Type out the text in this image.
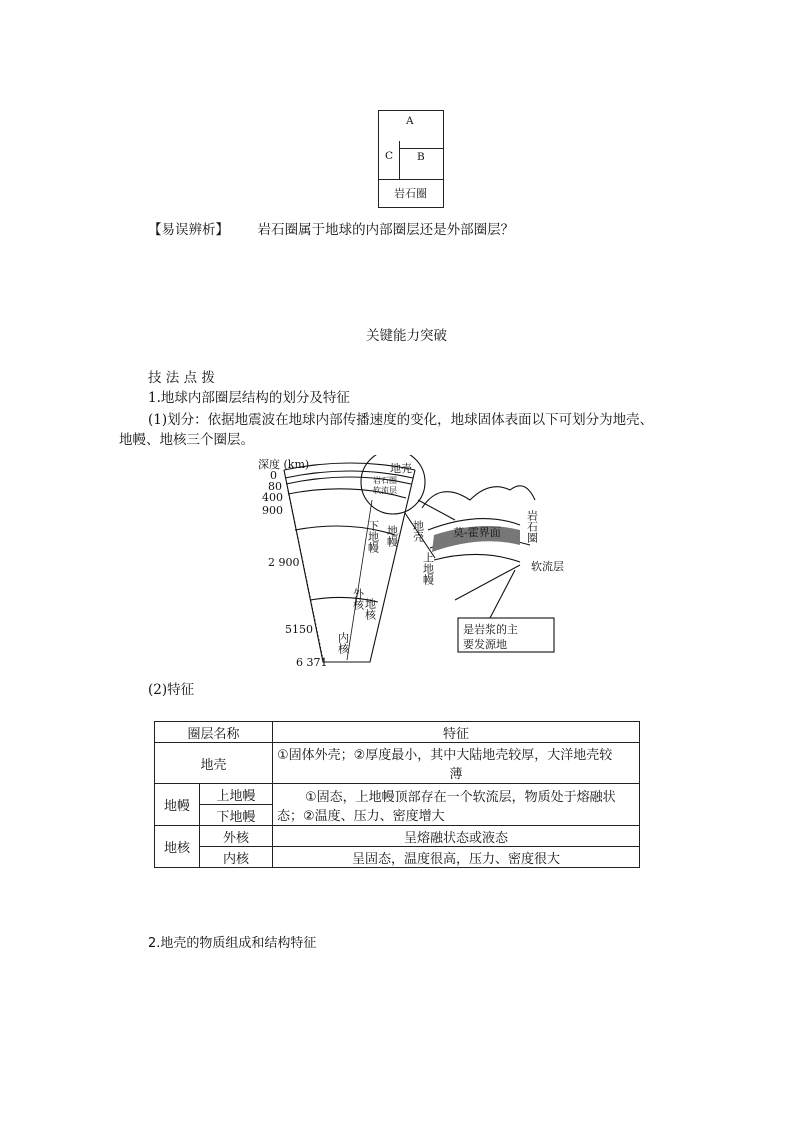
A
C B
岩石圈
【易误辨析】 岩石圈属于地球的内部圈层还是外部圈层？
关键能力突破
技 法 点 拨
1.地球内部圈层结构的划分及特征
(1)划分：依据地震波在地球内部传播速度的变化，地球固体表面以下可划分为地壳、
地幔、地核三个圈层。
深度 (km)
0
80
400
900
2 900
5150
6 371
地壳
岩石圈
软流层
下地幔 地幔
外核 地核
内核
莫-霍界面
地壳
上地幔
岩石圈
软流层
是岩浆的主
要发源地
(2)特征
圈层名称		特征
地壳		①固体外壳；②厚度最小，其中大陆地壳较厚，大洋地壳较
薄

地幔	上地幔	①固态，上地幔顶部存在一个软流层，物质处于熔融状
态；②温度、压力、密度增大

	下地幔	
地核	外核	呈熔融状态或液态
	内核	呈固态，温度很高，压力、密度很大
2.地壳的物质组成和结构特征
